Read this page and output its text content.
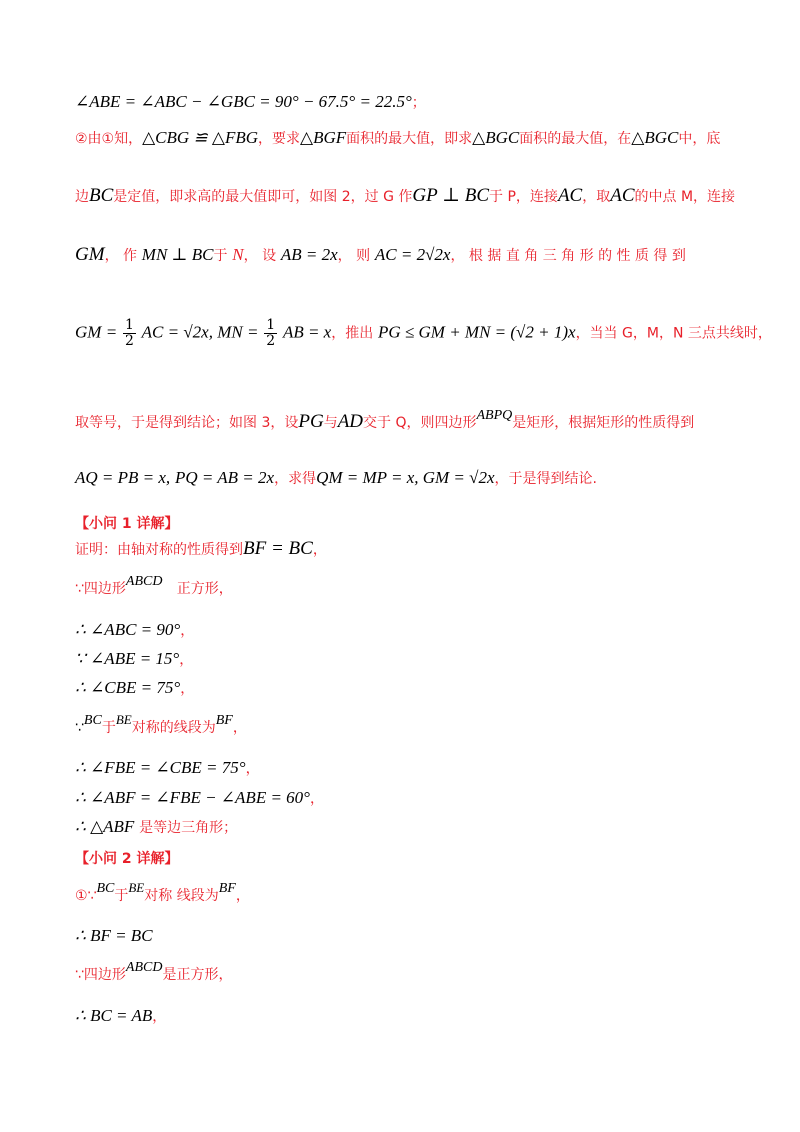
∠ABE = ∠ABC − ∠GBC = 90° − 67.5° = 22.5°；
②由①知，△CBG ≌ △FBG，要求△BGF面积的最大值，即求△BGC面积的最大值，在△BGC中，底
边BC是定值，即求高的最大值即可，如图 2，过 G 作GP ⊥ BC于 P，连接AC，取AC的中点 M，连接
GM， 作 MN ⊥ BC于 N， 设 AB = 2x， 则 AC = 2√2x， 根 据 直 角 三 角 形 的 性 质 得 到
GM = $\frac{1}{2}$ AC = √2x, MN = $\frac{1}{2}$ AB = x，推出 PG ≤ GM + MN = (√2 + 1)x，当当 G，M，N 三点共线时，
取等号，于是得到结论；如图 3，设PG与AD交于 Q，则四边形ABPQ是矩形，根据矩形的性质得到
AQ = PB = x, PQ = AB = 2x，求得QM = MP = x, GM = √2x，于是得到结论.
【小问 1 详解】
证明：由轴对称的性质得到BF = BC，
∵四边形ABCD 正方形，
∴ ∠ABC = 90°，
∵ ∠ABE = 15°，
∴ ∠CBE = 75°，
∵BC于BE对称的线段为BF，
∴ ∠FBE = ∠CBE = 75°，
∴ ∠ABF = ∠FBE − ∠ABE = 60°，
∴ △ABF 是等边三角形；
【小问 2 详解】
①∵BC于BE对称 线段为BF，
∴ BF = BC
∵四边形ABCD是正方形，
∴ BC = AB，
